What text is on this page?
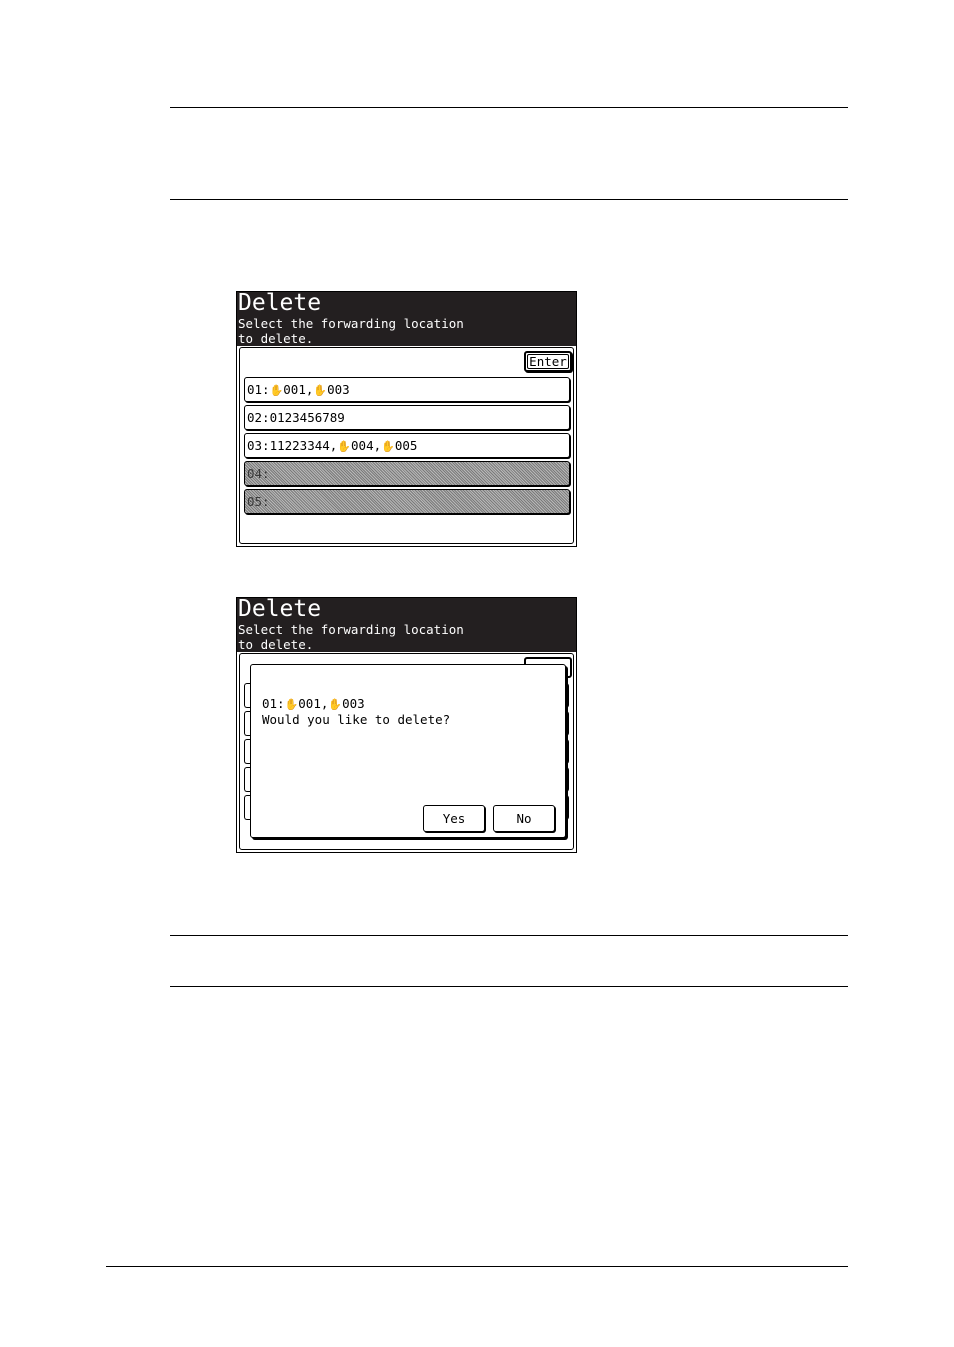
Delete
Select the forwarding location
to delete.
Enter
01:✋001,✋003
02:0123456789
03:11223344,✋004,✋005
04:
05:
Delete
Select the forwarding location
to delete.
01:✋001,✋003
Would you like to delete?
Yes	No
